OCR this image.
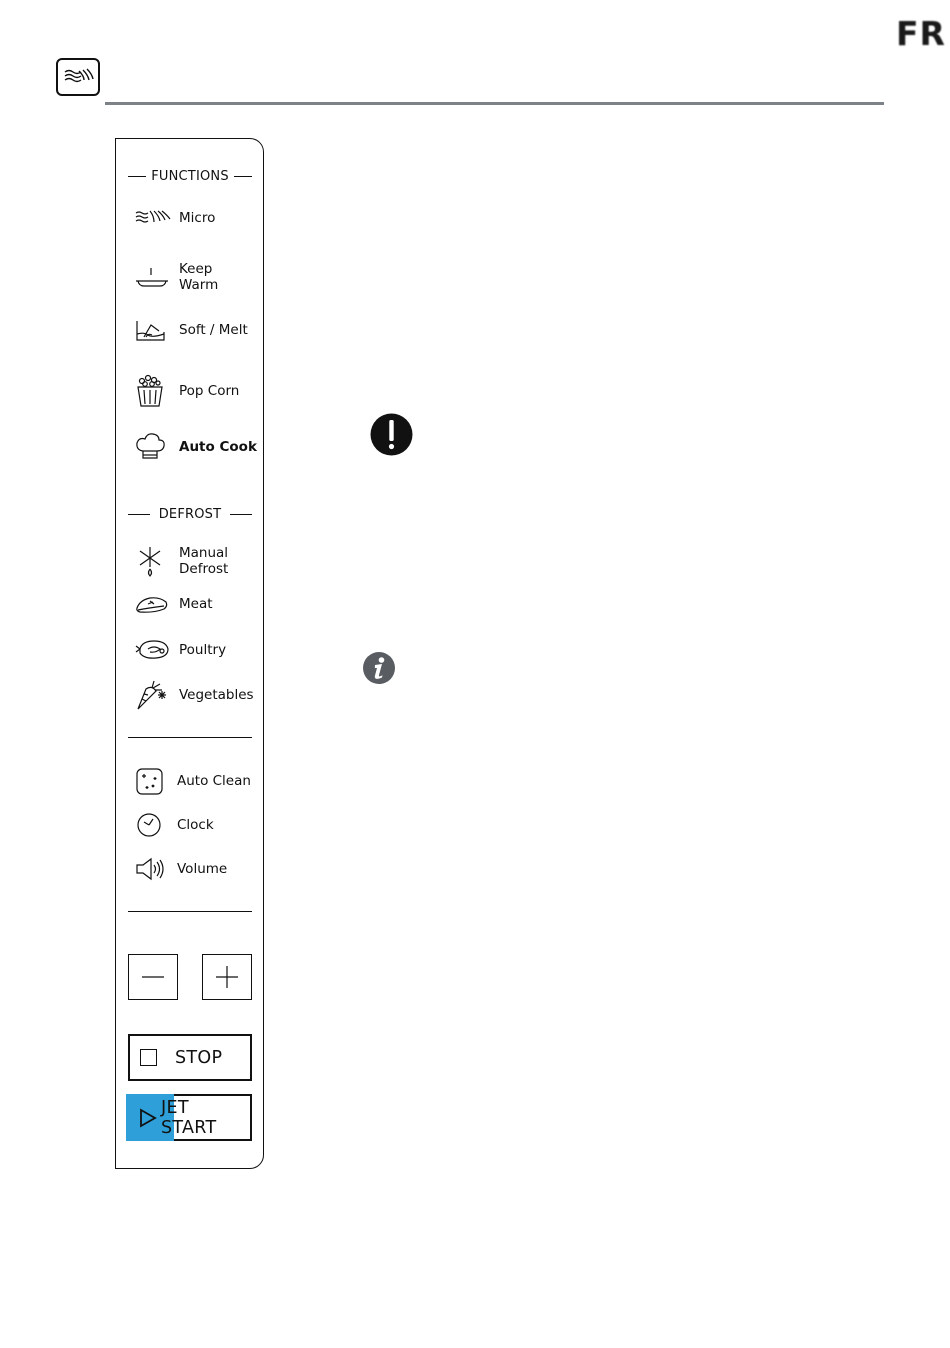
FR
FUNCTIONS
Micro
Keep
Warm
Soft / Melt
Pop Corn
Auto Cook
DEFROST
Manual
Defrost
Meat
Poultry
Vegetables
Auto Clean
Clock
Volume
STOP
JET START
